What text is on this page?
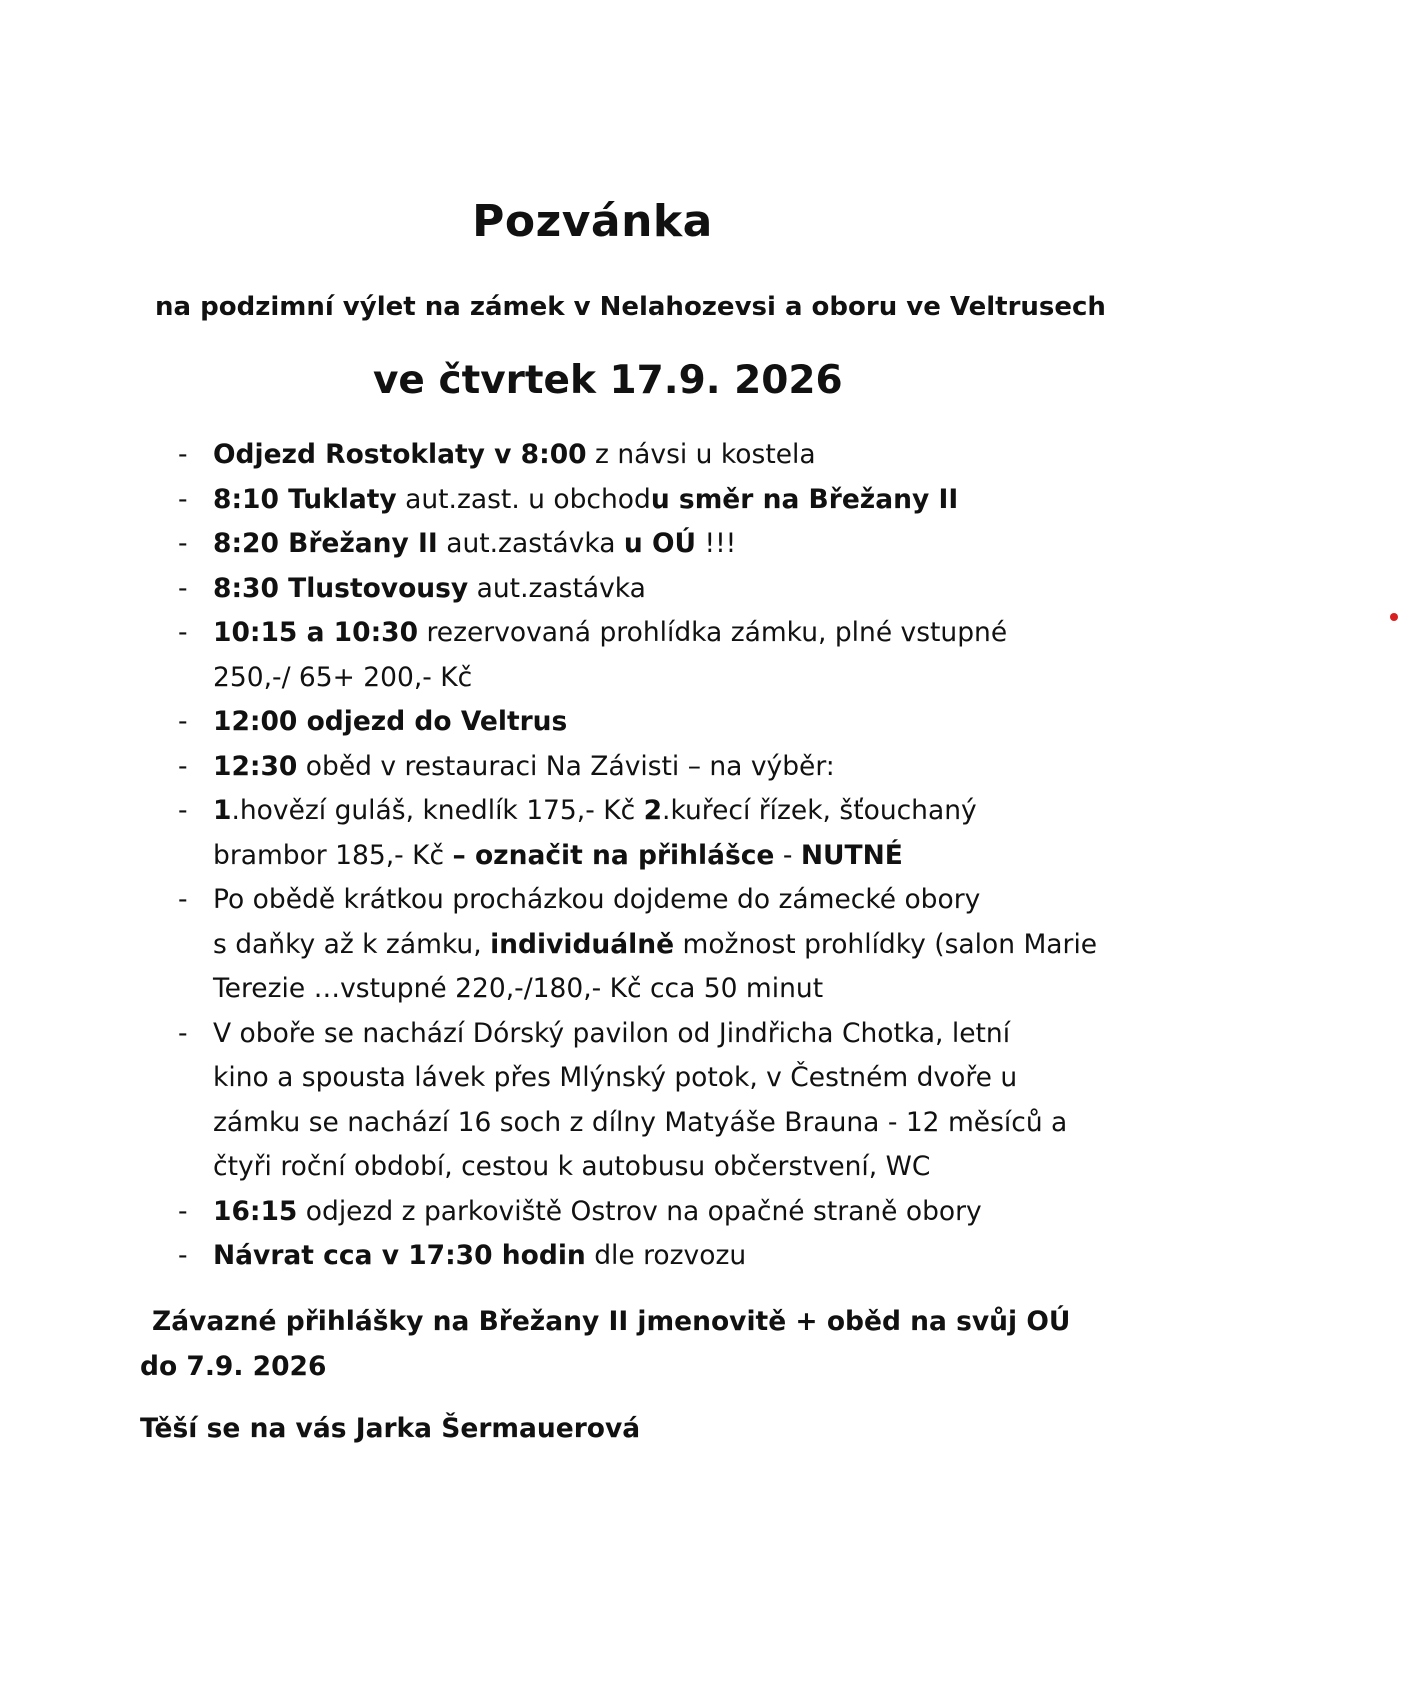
Pozvánka
na podzimní výlet na zámek v Nelahozevsi a oboru ve Veltrusech
ve čtvrtek 17.9. 2026
- Odjezd Rostoklaty v 8:00 z návsi u kostela
- 8:10 Tuklaty aut.zast. u obchodu směr na Břežany II
- 8:20 Břežany II aut.zastávka u OÚ !!!
- 8:30 Tlustovousy aut.zastávka
- 10:15 a 10:30 rezervovaná prohlídka zámku, plné vstupné
250,-/ 65+ 200,- Kč
- 12:00 odjezd do Veltrus
- 12:30 oběd v restauraci Na Závisti – na výběr:
- 1.hovězí guláš, knedlík 175,- Kč 2.kuřecí řízek, šťouchaný
brambor 185,- Kč – označit na přihlášce - NUTNÉ
- Po obědě krátkou procházkou dojdeme do zámecké obory
s daňky až k zámku, individuálně možnost prohlídky (salon Marie
Terezie …vstupné 220,-/180,- Kč cca 50 minut
- V oboře se nachází Dórský pavilon od Jindřicha Chotka, letní
kino a spousta lávek přes Mlýnský potok, v Čestném dvoře u
zámku se nachází 16 soch z dílny Matyáše Brauna - 12 měsíců a
čtyři roční období, cestou k autobusu občerstvení, WC
- 16:15 odjezd z parkoviště Ostrov na opačné straně obory
- Návrat cca v 17:30 hodin dle rozvozu
Závazné přihlášky na Břežany II jmenovitě + oběd na svůj OÚ
do 7.9. 2026
Těší se na vás Jarka Šermauerová
